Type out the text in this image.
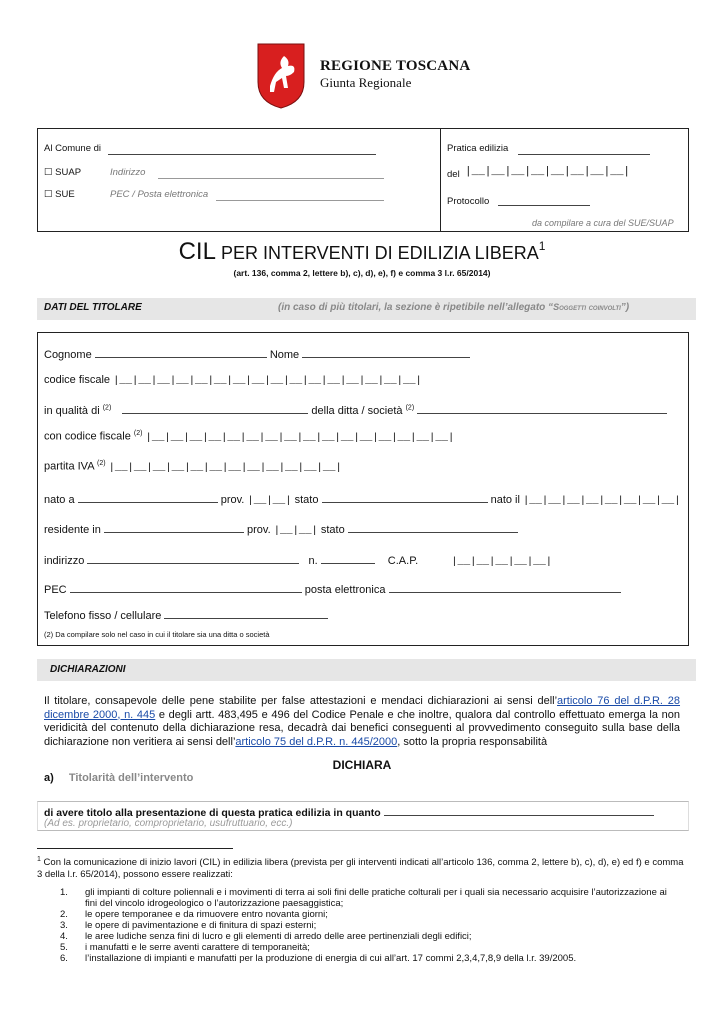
REGIONE TOSCANA
Giunta Regionale
Al Comune di
☐ SUAP	Indirizzo
☐ SUE	PEC / Posta elettronica
Pratica edilizia
del |__|__|__|__|__|__|__|__|
Protocollo
da compilare a cura del SUE/SUAP
CIL PER INTERVENTI DI EDILIZIA LIBERA$^1$
(art. 136, comma 2, lettere b), c), d), e), f) e comma 3 l.r. 65/2014)
DATI DEL TITOLARE	(in caso di più titolari, la sezione è ripetibile nell’allegato “Soggetti coinvolti”)
Cognome	Nome
codice fiscale |__|__|__|__|__|__|__|__|__|__|__|__|__|__|__|__|
in qualità di $^{(2)}$	della ditta / società $^{(2)}$
con codice fiscale $^{(2)}$ |__|__|__|__|__|__|__|__|__|__|__|__|__|__|__|__|
partita IVA $^{(2)}$ |__|__|__|__|__|__|__|__|__|__|__|__|
nato a	prov. |__|__| stato	nato il |__|__|__|__|__|__|__|__|
residente in	prov. |__|__| stato
indirizzo	n.	C.A.P.	|__|__|__|__|__|
PEC	posta elettronica
Telefono fisso / cellulare
(2) Da compilare solo nel caso in cui il titolare sia una ditta o società
DICHIARAZIONI
Il titolare, consapevole delle pene stabilite per false attestazioni e mendaci dichiarazioni ai sensi dell’articolo 76 del d.P.R. 28 dicembre 2000, n. 445 e degli artt. 483,495 e 496 del Codice Penale e che inoltre, qualora dal controllo effettuato emerga la non veridicità del contenuto della dichiarazione resa, decadrà dai benefici conseguenti al provvedimento conseguito sulla base della dichiarazione non veritiera ai sensi dell’articolo 75 del d.P.R. n. 445/2000, sotto la propria responsabilità
DICHIARA
a) Titolarità dell’intervento
di avere titolo alla presentazione di questa pratica edilizia in quanto
(Ad es. proprietario, comproprietario, usufruttuario, ecc.)
$^1$ Con la comunicazione di inizio lavori (CIL) in edilizia libera (prevista per gli interventi indicati all’articolo 136, comma 2, lettere b), c), d), e) ed f) e comma 3 della l.r. 65/2014), possono essere realizzati:
1.	gli impianti di colture poliennali e i movimenti di terra ai soli fini delle pratiche colturali per i quali sia necessario acquisire l’autorizzazione ai fini del vincolo idrogeologico o l’autorizzazione paesaggistica;
2.	le opere temporanee e da rimuovere entro novanta giorni;
3.	le opere di pavimentazione e di finitura di spazi esterni;
4.	le aree ludiche senza fini di lucro e gli elementi di arredo delle aree pertinenziali degli edifici;
5.	i manufatti e le serre aventi carattere di temporaneità;
6.	l’installazione di impianti e manufatti per la produzione di energia di cui all’art. 17 commi 2,3,4,7,8,9 della l.r. 39/2005.
